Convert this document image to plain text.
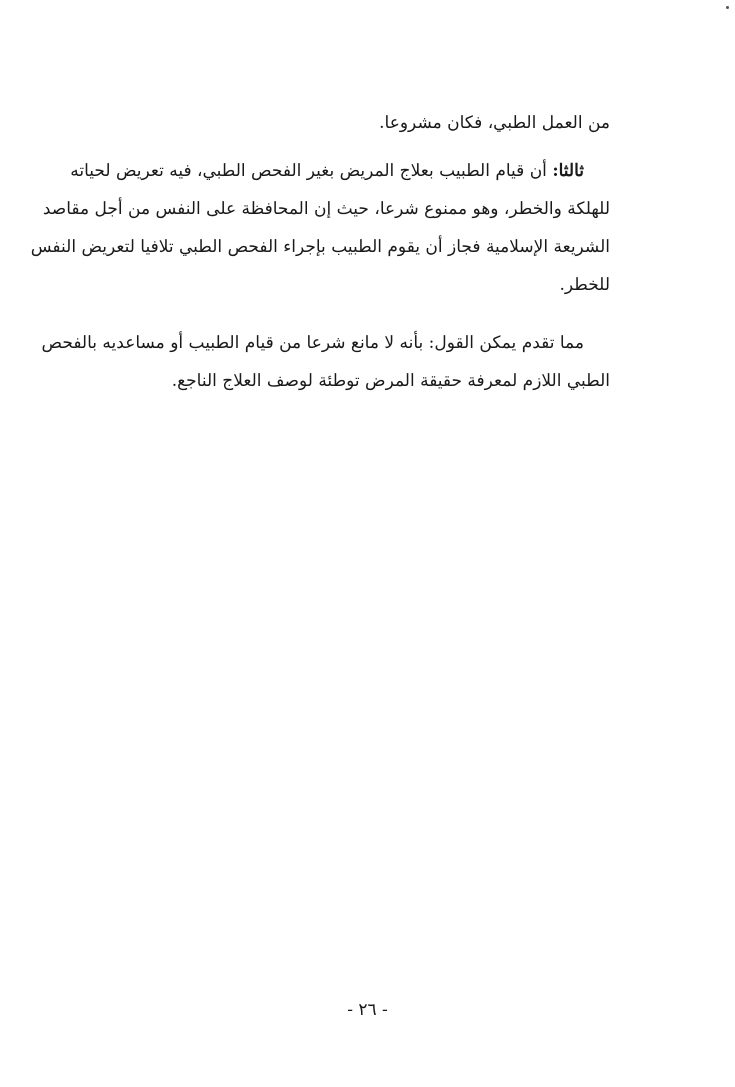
من العمل الطبي، فكان مشروعا.
ثالثا: أن قيام الطبيب بعلاج المريض بغير الفحص الطبي، فيه تعريض لحياته
للهلكة والخطر، وهو ممنوع شرعا، حيث إن المحافظة على النفس من أجل مقاصد
الشريعة الإسلامية فجاز أن يقوم الطبيب بإجراء الفحص الطبي تلافيا لتعريض النفس
للخطر.
مما تقدم يمكن القول: بأنه لا مانع شرعا من قيام الطبيب أو مساعديه بالفحص
الطبي اللازم لمعرفة حقيقة المرض توطئة لوصف العلاج الناجع.
- ٢٦ -
